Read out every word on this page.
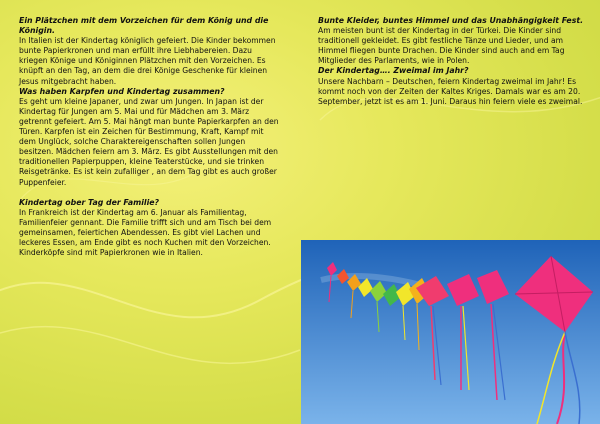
Ein Plätzchen mit dem Vorzeichen für dem König und die Königin.

In Italien ist der Kindertag königlich gefeiert. Die Kinder bekommen bunte Papierkronen und man erfüllt ihre Liebhabereien. Dazu kriegen Könige und Königinnen Plätzchen mit den Vorzeichen. Es knüpft an den Tag, an dem die drei Könige Geschenke für kleinen Jesus mitgebracht haben.

Was haben Karpfen und Kindertag zusammen?

Es geht um kleine Japaner, und zwar um Jungen. In Japan ist der Kindertag für Jungen am 5. Mai und für Mädchen am 3. März getrennt gefeiert. Am 5. Mai hängt man bunte Papierkarpfen an den Türen. Karpfen ist ein Zeichen für Bestimmung, Kraft, Kampf mit dem Unglück, solche Charaktereigenschaften sollen Jungen besitzen. Mädchen feiern am 3. März. Es gibt Ausstellungen mit den traditionellen Papierpuppen, kleine Teaterstücke, und sie trinken Reisgetränke. Es ist kein zufalliger , an dem Tag gibt es auch großer Puppenfeier.

Kindertag ober Tag der Familie?

In Frankreich ist der Kindertag am 6. Januar als Familientag, Familienfeier gennant. Die Familie trifft sich und am Tisch bei dem gemeinsamen, feiertichen Abendessen. Es gibt viel Lachen und leckeres Essen, am Ende gibt es noch Kuchen mit den Vorzeichen. Kinderköpfe sind mit Papierkronen wie in Italien.

Bunte Kleider, buntes Himmel und das Unabhängigkeit Fest.

Am meisten bunt ist der Kindertag in der Türkei. Die Kinder sind traditionell gekleidet. Es gibt festliche Tänze und Lieder, und am Himmel fliegen bunte Drachen. Die Kinder sind auch and em Tag Mitglieder des Parlaments, wie in Polen.

Der Kindertag…. Zweimal im Jahr?

Unsere Nachbarn – Deutschen, feiern Kindertag zweimal im Jahr! Es kommt noch von der Zeiten der Kaltes Kriges. Damals war es am 20. September, jetzt ist es am 1. Juni. Daraus hin feiern viele es zweimal.
